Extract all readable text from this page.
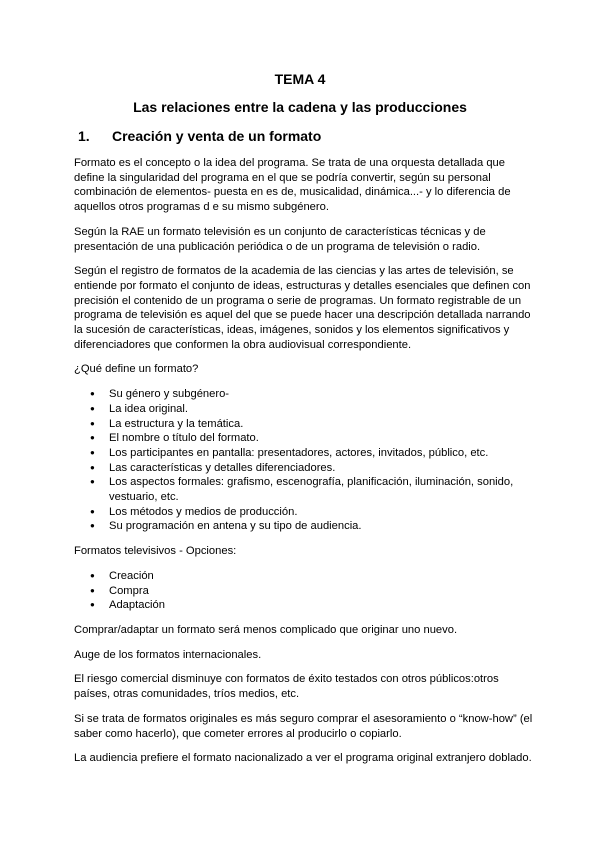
TEMA 4
Las relaciones entre la cadena y las producciones
1. Creación y venta de un formato

Formato es el concepto o la idea del programa. Se trata de una orquesta detallada que define la singularidad del programa en el que se podría convertir, según su personal combinación de elementos- puesta en es de, musicalidad, dinámica...- y lo diferencia de aquellos otros programas d e su mismo subgénero.

Según la RAE un formato televisión es un conjunto de características técnicas y de presentación de una publicación periódica o de un programa de televisión o radio.

Según el registro de formatos de la academia de las ciencias y las artes de televisión, se entiende por formato el conjunto de ideas, estructuras y detalles esenciales que definen con precisión el contenido de un programa o serie de programas. Un formato registrable de un programa de televisión es aquel del que se puede hacer una descripción detallada narrando la sucesión de características, ideas, imágenes, sonidos y los elementos significativos y diferenciadores que conformen la obra audiovisual correspondiente.

¿Qué define un formato?

● Su género y subgénero-
● La idea original.
● La estructura y la temática.
● El nombre o título del formato.
● Los participantes en pantalla: presentadores, actores, invitados, público, etc.
● Las características y detalles diferenciadores.
● Los aspectos formales: grafismo, escenografía, planificación, iluminación, sonido, vestuario, etc.
● Los métodos y medios de producción.
● Su programación en antena y su tipo de audiencia.

Formatos televisivos - Opciones:

● Creación
● Compra
● Adaptación

Comprar/adaptar un formato será menos complicado que originar uno nuevo.

Auge de los formatos internacionales.

El riesgo comercial disminuye con formatos de éxito testados con otros públicos:otros países, otras comunidades, tríos medios, etc.

Si se trata de formatos originales es más seguro comprar el asesoramiento o “know-how” (el saber como hacerlo), que cometer errores al producirlo o copiarlo.

La audiencia prefiere el formato nacionalizado a ver el programa original extranjero doblado.
